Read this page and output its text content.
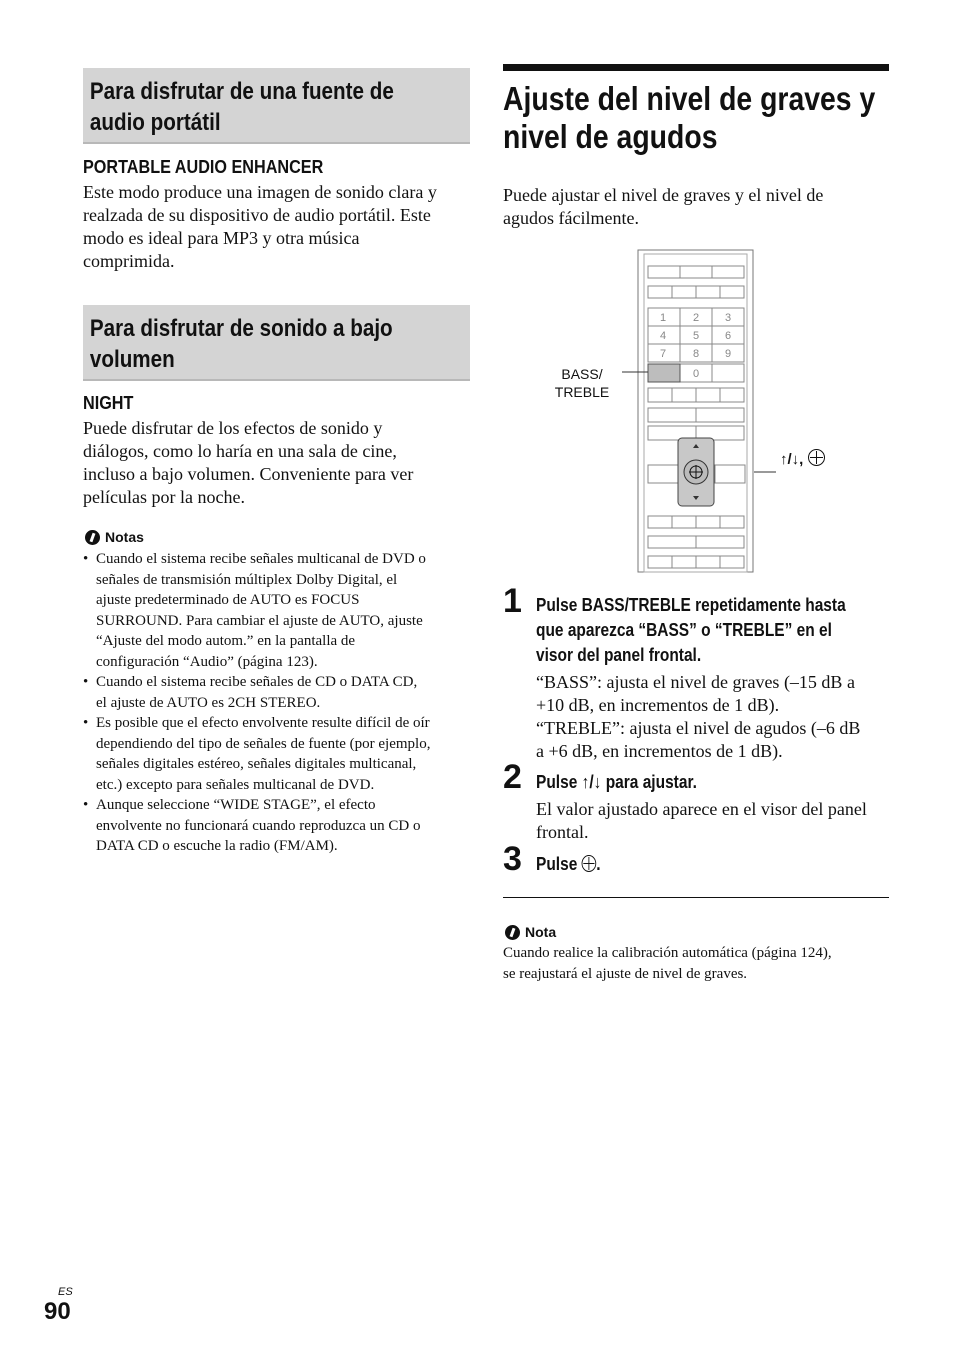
Para disfrutar de una fuente de
audio portátil
PORTABLE AUDIO ENHANCER
Este modo produce una imagen de sonido clara y
realzada de su dispositivo de audio portátil. Este
modo es ideal para MP3 y otra música
comprimida.
Para disfrutar de sonido a bajo
volumen
NIGHT
Puede disfrutar de los efectos de sonido y
diálogos, como lo haría en una sala de cine,
incluso a bajo volumen. Conveniente para ver
películas por la noche.
Notas
• Cuando el sistema recibe señales multicanal de DVD o
señales de transmisión múltiplex Dolby Digital, el
ajuste predeterminado de AUTO es FOCUS
SURROUND. Para cambiar el ajuste de AUTO, ajuste
“Ajuste del modo autom.” en la pantalla de
configuración “Audio” (página 123).
• Cuando el sistema recibe señales de CD o DATA CD,
el ajuste de AUTO es 2CH STEREO.
• Es posible que el efecto envolvente resulte difícil de oír
dependiendo del tipo de señales de fuente (por ejemplo,
señales digitales estéreo, señales digitales multicanal,
etc.) excepto para señales multicanal de DVD.
• Aunque seleccione “WIDE STAGE”, el efecto
envolvente no funcionará cuando reproduzca un CD o
DATA CD o escuche la radio (FM/AM).
Ajuste del nivel de graves y
nivel de agudos
Puede ajustar el nivel de graves y el nivel de
agudos fácilmente.
1 2 3
4 5 6
7 8 9
0
BASS/
TREBLE
↑/↓,
1 Pulse BASS/TREBLE repetidamente hasta
que aparezca “BASS” o “TREBLE” en el
visor del panel frontal.
“BASS”: ajusta el nivel de graves (–15 dB a
+10 dB, en incrementos de 1 dB).
“TREBLE”: ajusta el nivel de agudos (–6 dB
a +6 dB, en incrementos de 1 dB).
2 Pulse ↑/↓ para ajustar.
El valor ajustado aparece en el visor del panel
frontal.
3 Pulse .
Nota
Cuando realice la calibración automática (página 124),
se reajustará el ajuste de nivel de graves.
ES
90
